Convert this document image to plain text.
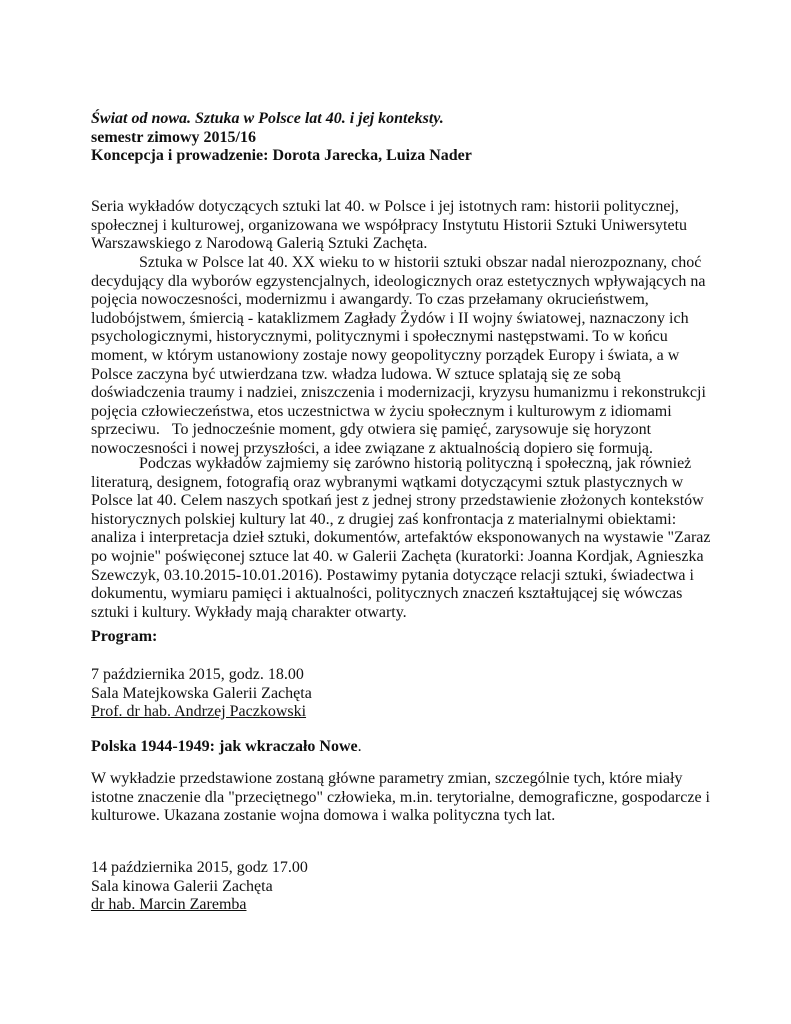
Świat od nowa. Sztuka w Polsce lat 40. i jej konteksty.
semestr zimowy 2015/16
Koncepcja i prowadzenie: Dorota Jarecka, Luiza Nader
Seria wykładów dotyczących sztuki lat 40. w Polsce i jej istotnych ram: historii politycznej,
społecznej i kulturowej, organizowana we współpracy Instytutu Historii Sztuki Uniwersytetu
Warszawskiego z Narodową Galerią Sztuki Zachęta.
Sztuka w Polsce lat 40. XX wieku to w historii sztuki obszar nadal nierozpoznany, choć
decydujący dla wyborów egzystencjalnych, ideologicznych oraz estetycznych wpływających na
pojęcia nowoczesności, modernizmu i awangardy. To czas przełamany okrucieństwem,
ludobójstwem, śmiercią - kataklizmem Zagłady Żydów i II wojny światowej, naznaczony ich
psychologicznymi, historycznymi, politycznymi i społecznymi następstwami. To w końcu
moment, w którym ustanowiony zostaje nowy geopolityczny porządek Europy i świata, a w
Polsce zaczyna być utwierdzana tzw. władza ludowa. W sztuce splatają się ze sobą
doświadczenia traumy i nadziei, zniszczenia i modernizacji, kryzysu humanizmu i rekonstrukcji
pojęcia człowieczeństwa, etos uczestnictwa w życiu społecznym i kulturowym z idiomami
sprzeciwu. To jednocześnie moment, gdy otwiera się pamięć, zarysowuje się horyzont
nowoczesności i nowej przyszłości, a idee związane z aktualnością dopiero się formują.
Podczas wykładów zajmiemy się zarówno historią polityczną i społeczną, jak również
literaturą, designem, fotografią oraz wybranymi wątkami dotyczącymi sztuk plastycznych w
Polsce lat 40. Celem naszych spotkań jest z jednej strony przedstawienie złożonych kontekstów
historycznych polskiej kultury lat 40., z drugiej zaś konfrontacja z materialnymi obiektami:
analiza i interpretacja dzieł sztuki, dokumentów, artefaktów eksponowanych na wystawie "Zaraz
po wojnie" poświęconej sztuce lat 40. w Galerii Zachęta (kuratorki: Joanna Kordjak, Agnieszka
Szewczyk, 03.10.2015-10.01.2016). Postawimy pytania dotyczące relacji sztuki, świadectwa i
dokumentu, wymiaru pamięci i aktualności, politycznych znaczeń kształtującej się wówczas
sztuki i kultury. Wykłady mają charakter otwarty.
Program:
7 października 2015, godz. 18.00
Sala Matejkowska Galerii Zachęta
Prof. dr hab. Andrzej Paczkowski
Polska 1944-1949: jak wkraczało Nowe.
W wykładzie przedstawione zostaną główne parametry zmian, szczególnie tych, które miały
istotne znaczenie dla "przeciętnego" człowieka, m.in. terytorialne, demograficzne, gospodarcze i
kulturowe. Ukazana zostanie wojna domowa i walka polityczna tych lat.
14 października 2015, godz 17.00
Sala kinowa Galerii Zachęta
dr hab. Marcin Zaremba
